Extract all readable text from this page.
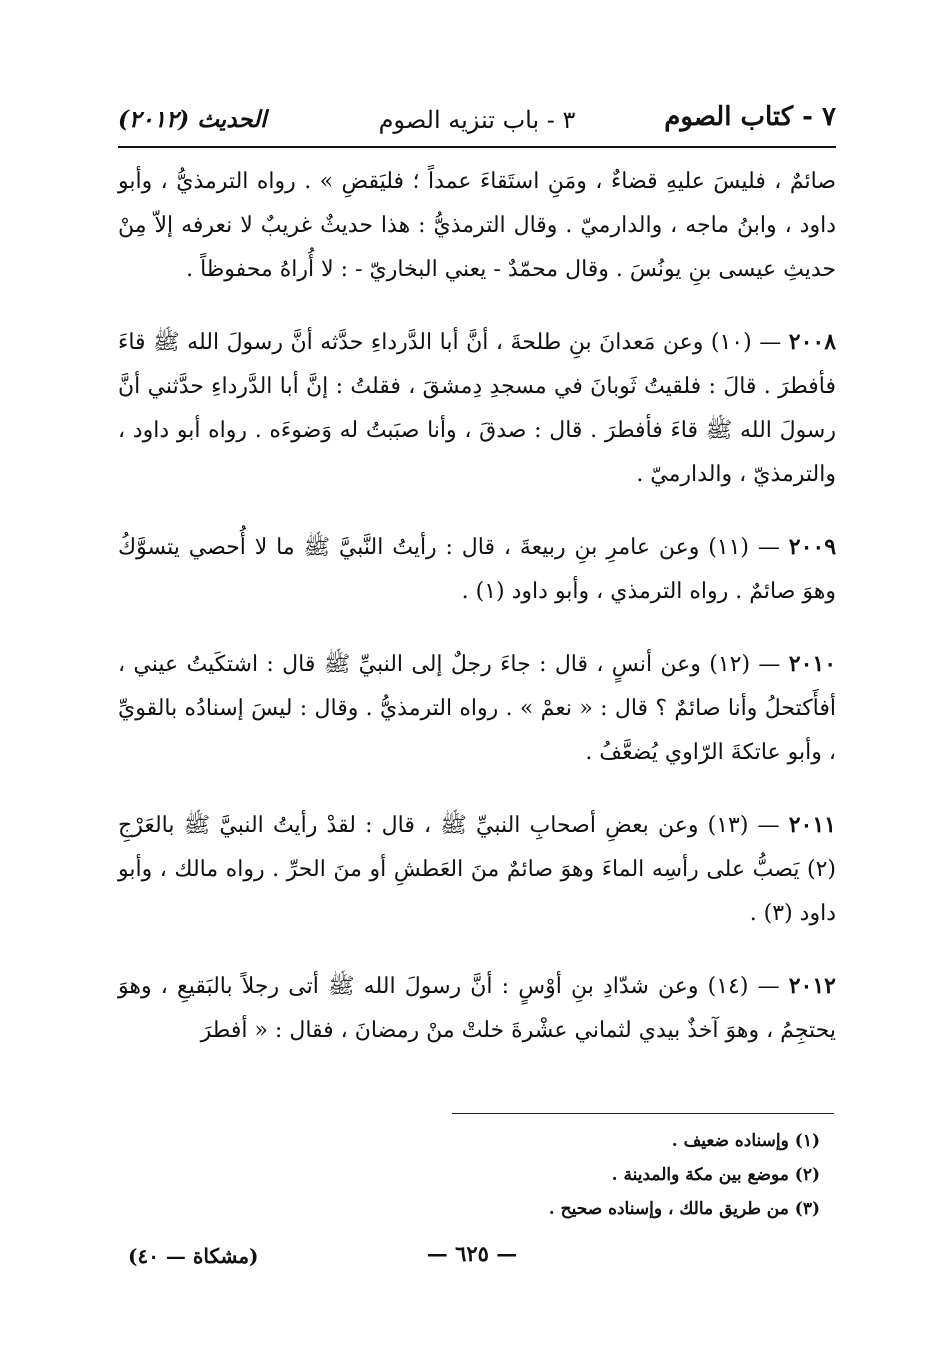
٧ - كتاب الصوم
٣ - باب تنزيه الصوم
الحديث (٢٠١٢)

صائمٌ ، فليسَ عليهِ قضاءٌ ، ومَنِ استَقاءَ عمداً ؛ فليَقضِ » . رواه الترمذيُّ ، وأبو داود ، وابنُ ماجه ، والدارميّ . وقال الترمذيُّ : هذا حديثٌ غريبٌ لا نعرفه إلاّ مِنْ حديثِ عيسى بنِ يونُسَ . وقال محمّدٌ - يعني البخاريّ - : لا أُراهُ محفوظاً .

٢٠٠٨ — (١٠) وعن مَعدانَ بنِ طلحةَ ، أنَّ أبا الدَّرداءِ حدَّثه أنَّ رسولَ الله ﷺ قاءَ فأفطرَ . قالَ : فلقيتُ ثَوبانَ في مسجدِ دِمشقَ ، فقلتُ : إنَّ أبا الدَّرداءِ حدَّثني أنَّ رسولَ الله ﷺ قاءَ فأفطرَ . قال : صدقَ ، وأنا صبَبتُ له وَضوءَه . رواه أبو داود ، والترمذيّ ، والدارميّ .

٢٠٠٩ — (١١) وعن عامرِ بنِ ربيعةَ ، قال : رأيتُ النَّبيَّ ﷺ ما لا أُحصي يتسوَّكُ وهوَ صائمٌ . رواه الترمذي ، وأبو داود (١) .

٢٠١٠ — (١٢) وعن أنسٍ ، قال : جاءَ رجلٌ إلى النبيِّ ﷺ قال : اشتكَيتُ عيني ، أفأَكتحلُ وأنا صائمٌ ؟ قال : « نعمْ » . رواه الترمذيُّ . وقال : ليسَ إسنادُه بالقويِّ ، وأبو عاتكةَ الرّاوي يُضعَّفُ .

٢٠١١ — (١٣) وعن بعضِ أصحابِ النبيِّ ﷺ ، قال : لقدْ رأيتُ النبيَّ ﷺ بالعَرْجِ (٢) يَصبُّ على رأسِه الماءَ وهوَ صائمٌ منَ العَطشِ أو منَ الحرِّ . رواه مالك ، وأبو داود (٣) .

٢٠١٢ — (١٤) وعن شدّادِ بنِ أوْسٍ : أنَّ رسولَ الله ﷺ أتى رجلاً بالبَقيعِ ، وهوَ يحتجِمُ ، وهوَ آخذٌ بيدي لثماني عشْرةَ خلتْ منْ رمضانَ ، فقال : « أفطرَ

(١) وإسناده ضعيف .
(٢) موضع بين مكة والمدينة .
(٣) من طريق مالك ، وإسناده صحيح .
— ٦٢٥ —
(مشكاة — ٤٠)
